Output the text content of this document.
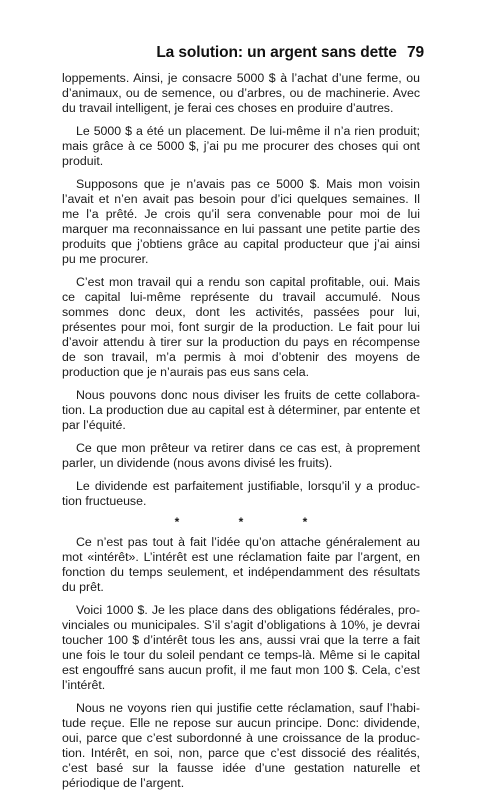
La solution: un argent sans dette 79

loppements. Ainsi, je consacre 5000 $ à l’achat d’une ferme, ou d’animaux, ou de semence, ou d’arbres, ou de machinerie. Avec du travail intelligent, je ferai ces choses en produire d’autres.

Le 5000 $ a été un placement. De lui-même il n’a rien produit; mais grâce à ce 5000 $, j’ai pu me procurer des choses qui ont produit.

Supposons que je n’avais pas ce 5000 $. Mais mon voisin l’avait et n’en avait pas besoin pour d’ici quelques semaines. Il me l’a prêté. Je crois qu’il sera convenable pour moi de lui marquer ma reconnaissance en lui passant une petite partie des produits que j’obtiens grâce au capital producteur que j’ai ainsi pu me procurer.

C’est mon travail qui a rendu son capital profitable, oui. Mais ce capital lui-même représente du travail accumulé. Nous sommes donc deux, dont les activités, passées pour lui, présentes pour moi, font surgir de la production. Le fait pour lui d’avoir attendu à tirer sur la production du pays en récompense de son travail, m’a permis à moi d’obtenir des moyens de production que je n’aurais pas eus sans cela.

Nous pouvons donc nous diviser les fruits de cette collaboration. La production due au capital est à déterminer, par entente et par l’équité.

Ce que mon prêteur va retirer dans ce cas est, à proprement parler, un dividende (nous avons divisé les fruits).

Le dividende est parfaitement justifiable, lorsqu’il y a production fructueuse.

* * *

Ce n’est pas tout à fait l’idée qu’on attache généralement au mot «intérêt». L’intérêt est une réclamation faite par l’argent, en fonction du temps seulement, et indépendamment des résultats du prêt.

Voici 1000 $. Je les place dans des obligations fédérales, provinciales ou municipales. S’il s’agit d’obligations à 10%, je devrai toucher 100 $ d’intérêt tous les ans, aussi vrai que la terre a fait une fois le tour du soleil pendant ce temps-là. Même si le capital est engouffré sans aucun profit, il me faut mon 100 $. Cela, c’est l’intérêt.

Nous ne voyons rien qui justifie cette réclamation, sauf l’habitude reçue. Elle ne repose sur aucun principe. Donc: dividende, oui, parce que c’est subordonné à une croissance de la production. Intérêt, en soi, non, parce que c’est dissocié des réalités, c’est basé sur la fausse idée d’une gestation naturelle et périodique de l’argent.
